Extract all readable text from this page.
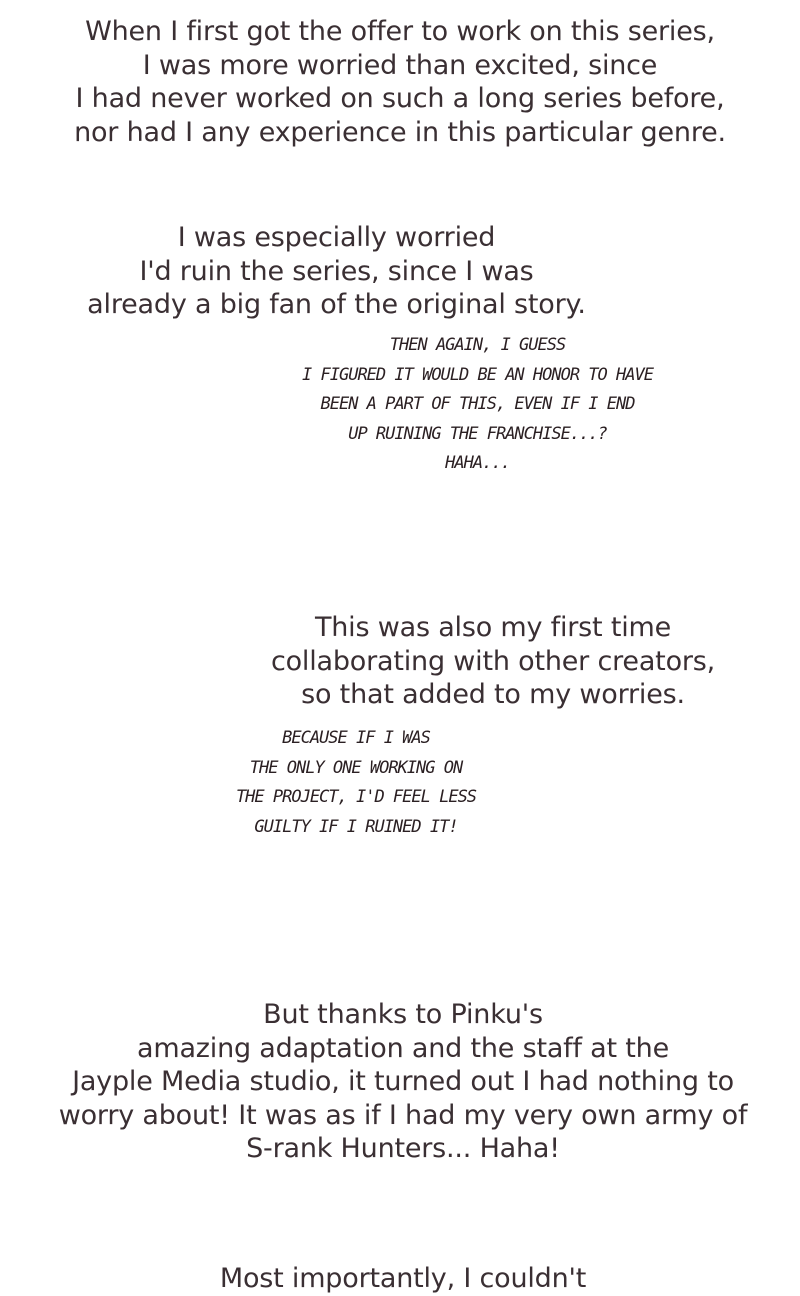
When I first got the offer to work on this series,
I was more worried than excited, since
I had never worked on such a long series before,
nor had I any experience in this particular genre.
I was especially worried
I'd ruin the series, since I was
already a big fan of the original story.
THEN AGAIN, I GUESS
I FIGURED IT WOULD BE AN HONOR TO HAVE
BEEN A PART OF THIS, EVEN IF I END
UP RUINING THE FRANCHISE...?
HAHA...
This was also my first time
collaborating with other creators,
so that added to my worries.
BECAUSE IF I WAS
THE ONLY ONE WORKING ON
THE PROJECT, I'D FEEL LESS
GUILTY IF I RUINED IT!
But thanks to Pinku's
amazing adaptation and the staff at the
Jayple Media studio, it turned out I had nothing to
worry about! It was as if I had my very own army of
S-rank Hunters... Haha!
Most importantly, I couldn't
